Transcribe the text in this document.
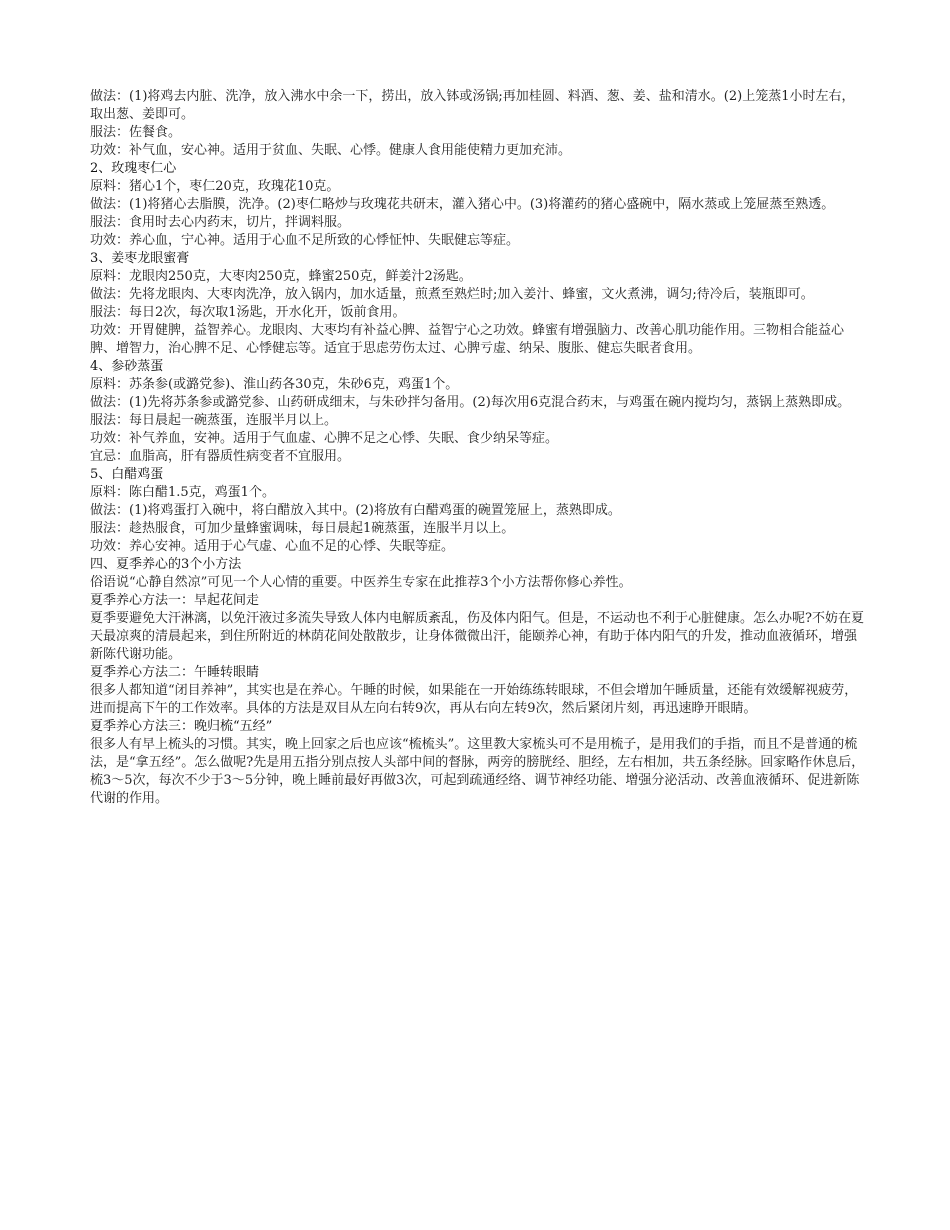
做法：(1)将鸡去内脏、洗净，放入沸水中余一下，捞出，放入钵或汤锅;再加桂圆、料酒、葱、姜、盐和清水。(2)上笼蒸1小时左右，取出葱、姜即可。

服法：佐餐食。

功效：补气血，安心神。适用于贫血、失眠、心悸。健康人食用能使精力更加充沛。

2、玫瑰枣仁心

原料：猪心1个，枣仁20克，玫瑰花10克。

做法：(1)将猪心去脂膜，洗净。(2)枣仁略炒与玫瑰花共研末，灌入猪心中。(3)将灌药的猪心盛碗中，隔水蒸或上笼屉蒸至熟透。

服法：食用时去心内药末，切片，拌调料服。

功效：养心血，宁心神。适用于心血不足所致的心悸怔忡、失眠健忘等症。

3、姜枣龙眼蜜膏

原料：龙眼肉250克，大枣肉250克，蜂蜜250克，鲜姜汁2汤匙。

做法：先将龙眼肉、大枣肉洗净，放入锅内，加水适量，煎煮至熟烂时;加入姜汁、蜂蜜，文火煮沸，调匀;待冷后，装瓶即可。

服法：每日2次，每次取1汤匙，开水化开，饭前食用。

功效：开胃健脾，益智养心。龙眼肉、大枣均有补益心脾、益智宁心之功效。蜂蜜有增强脑力、改善心肌功能作用。三物相合能益心脾、增智力，治心脾不足、心悸健忘等。适宜于思虑劳伤太过、心脾亏虚、纳呆、腹胀、健忘失眠者食用。

4、参砂蒸蛋

原料：苏条参(或潞党参)、淮山药各30克，朱砂6克，鸡蛋1个。

做法：(1)先将苏条参或潞党参、山药研成细末，与朱砂拌匀备用。(2)每次用6克混合药末，与鸡蛋在碗内搅均匀，蒸锅上蒸熟即成。

服法：每日晨起一碗蒸蛋，连服半月以上。

功效：补气养血，安神。适用于气血虚、心脾不足之心悸、失眠、食少纳呆等症。

宜忌：血脂高，肝有器质性病变者不宜服用。

5、白醋鸡蛋

原料：陈白醋1.5克，鸡蛋1个。

做法：(1)将鸡蛋打入碗中，将白醋放入其中。(2)将放有白醋鸡蛋的碗置笼屉上，蒸熟即成。

服法：趁热服食，可加少量蜂蜜调味，每日晨起1碗蒸蛋，连服半月以上。

功效：养心安神。适用于心气虚、心血不足的心悸、失眠等症。

四、夏季养心的3个小方法

俗语说“心静自然凉”可见一个人心情的重要。中医养生专家在此推荐3个小方法帮你修心养性。

夏季养心方法一：早起花间走

夏季要避免大汗淋漓，以免汗液过多流失导致人体内电解质紊乱，伤及体内阳气。但是，不运动也不利于心脏健康。怎么办呢?不妨在夏天最凉爽的清晨起来，到住所附近的林荫花间处散散步，让身体微微出汗，能颐养心神，有助于体内阳气的升发，推动血液循环，增强新陈代谢功能。

夏季养心方法二：午睡转眼睛

很多人都知道“闭目养神”，其实也是在养心。午睡的时候，如果能在一开始练练转眼球，不但会增加午睡质量，还能有效缓解视疲劳，进而提高下午的工作效率。具体的方法是双目从左向右转9次，再从右向左转9次，然后紧闭片刻，再迅速睁开眼睛。

夏季养心方法三：晚归梳“五经”

很多人有早上梳头的习惯。其实，晚上回家之后也应该“梳梳头”。这里教大家梳头可不是用梳子，是用我们的手指，而且不是普通的梳法，是“拿五经”。怎么做呢?先是用五指分别点按人头部中间的督脉，两旁的膀胱经、胆经，左右相加，共五条经脉。回家略作休息后，梳3～5次，每次不少于3～5分钟，晚上睡前最好再做3次，可起到疏通经络、调节神经功能、增强分泌活动、改善血液循环、促进新陈代谢的作用。
